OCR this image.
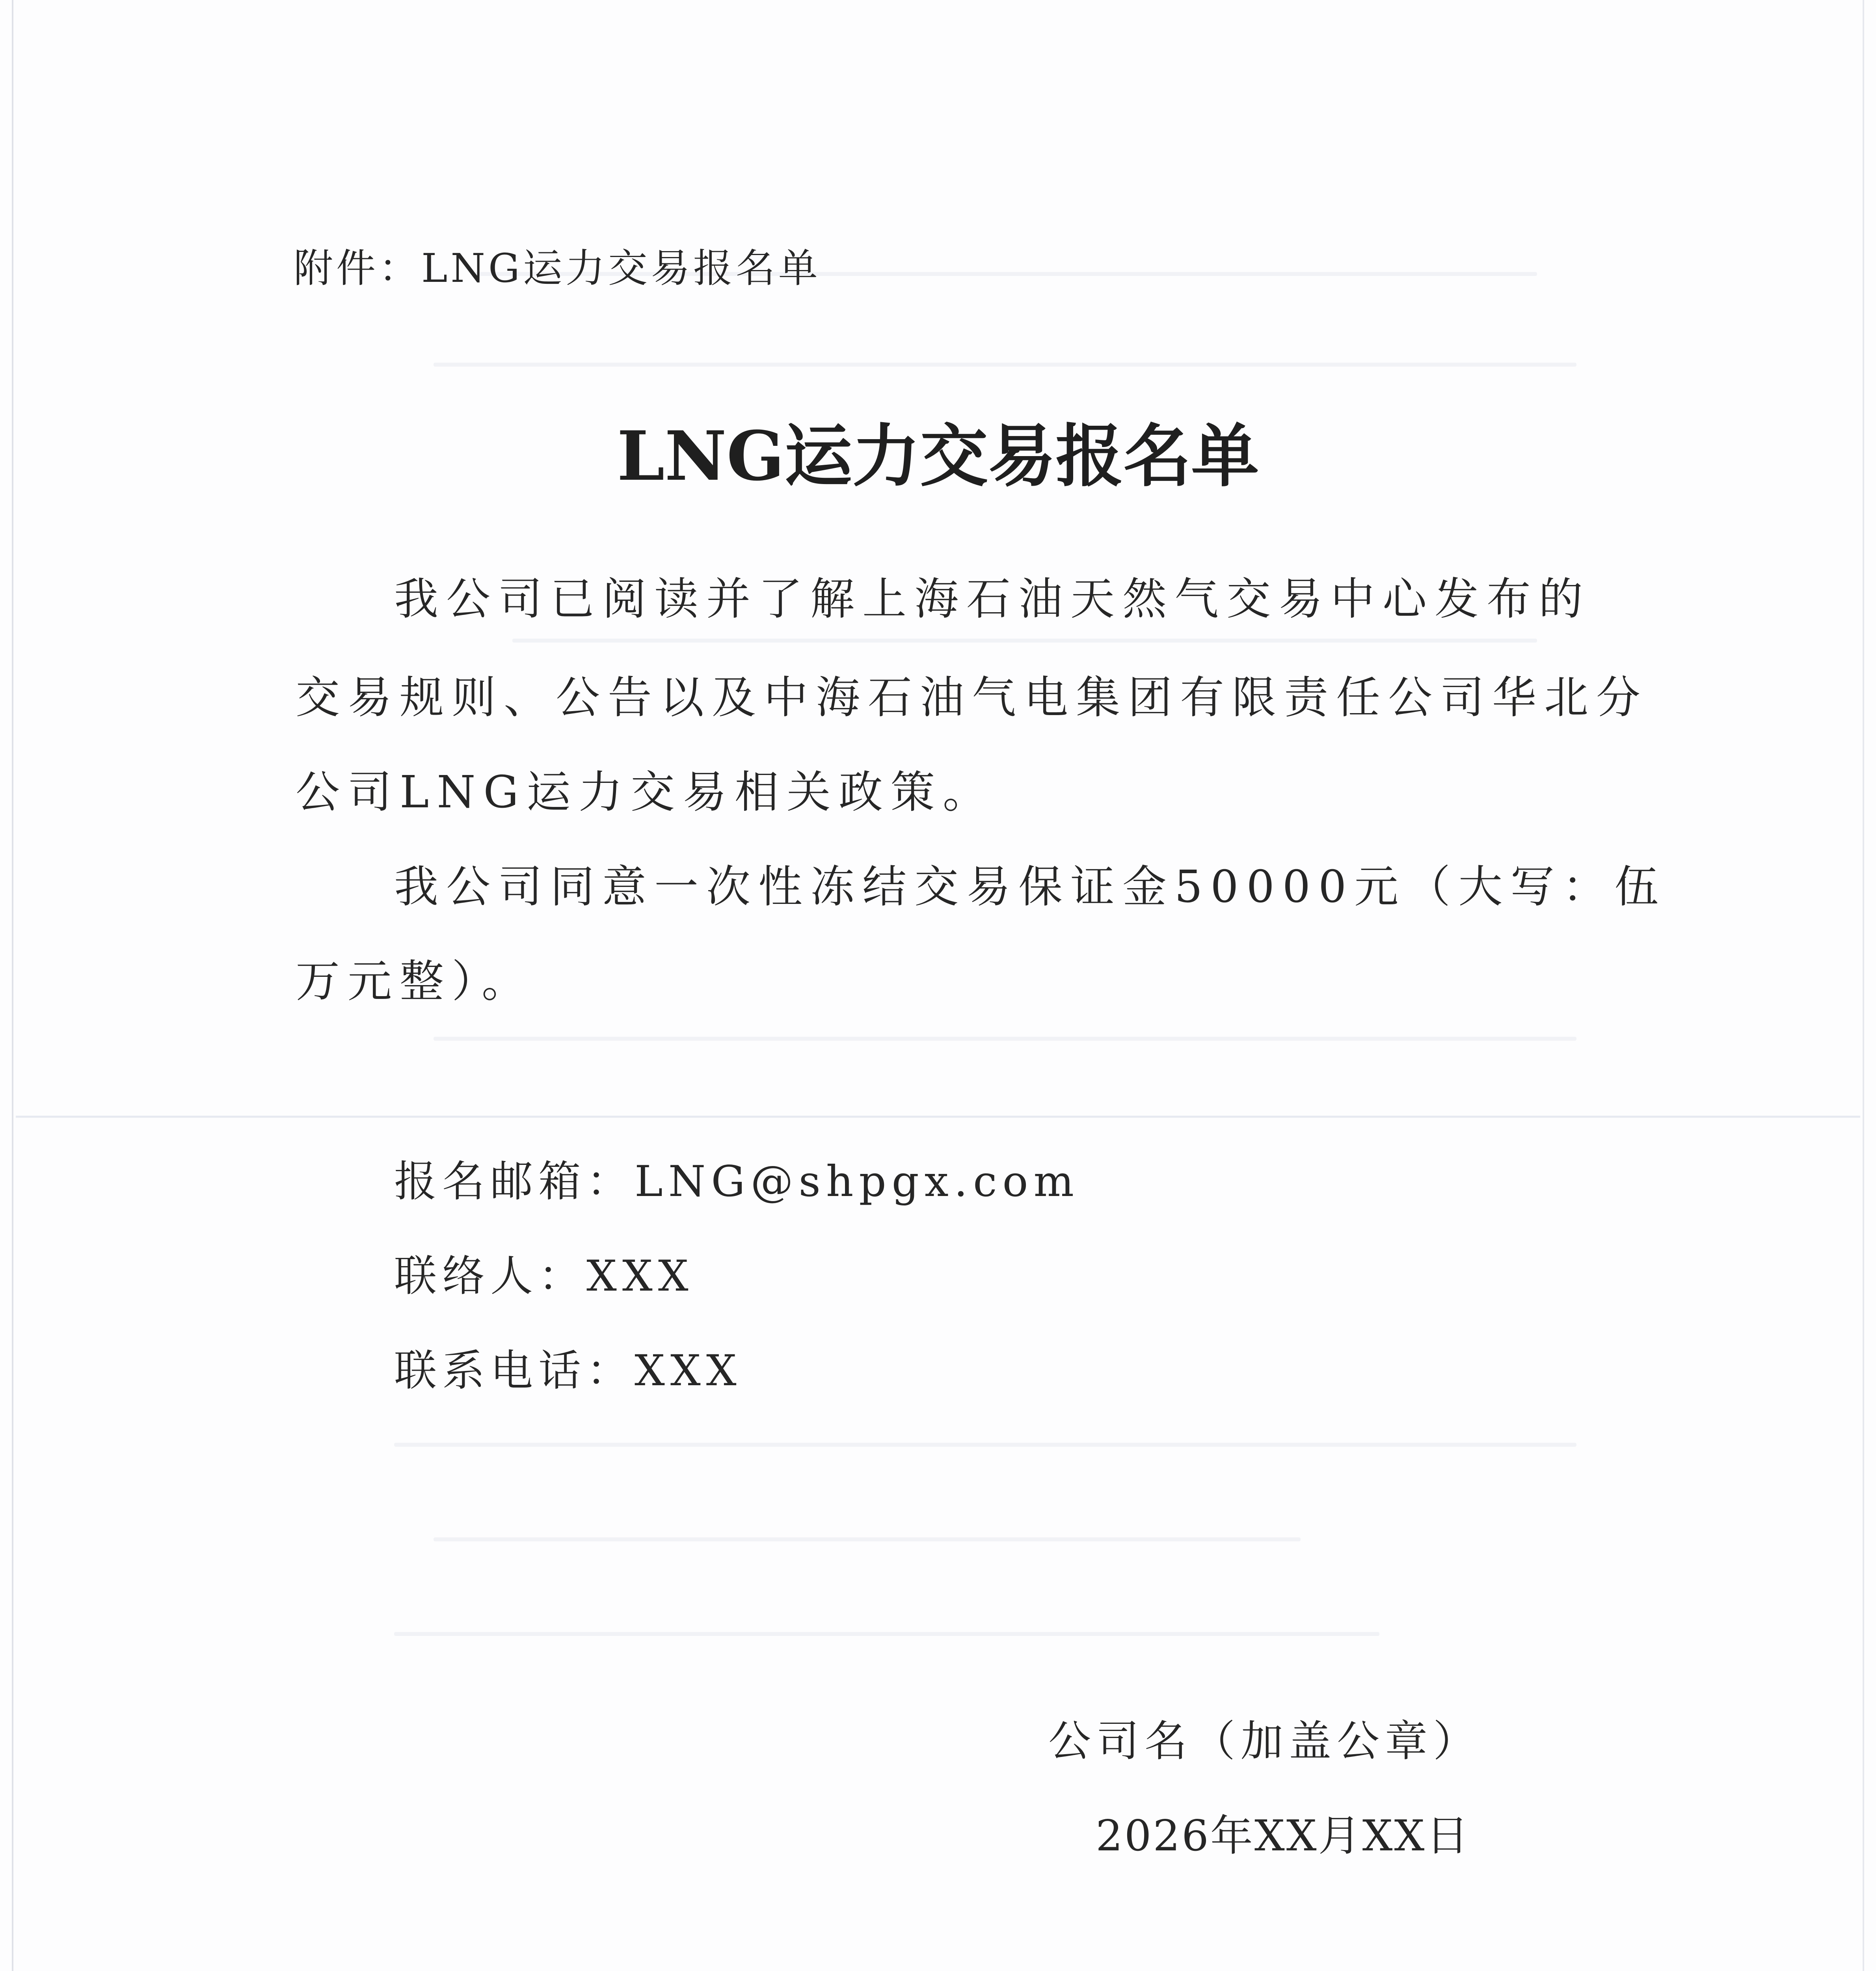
附件：LNG运力交易报名单
LNG运力交易报名单
我公司已阅读并了解上海石油天然气交易中心发布的
交易规则、公告以及中海石油气电集团有限责任公司华北分
公司LNG运力交易相关政策。
我公司同意一次性冻结交易保证金50000元（大写：伍
万元整）。
报名邮箱：LNG@shpgx.com
联络人：XXX
联系电话：XXX
公司名（加盖公章）
2026年XX月XX日
